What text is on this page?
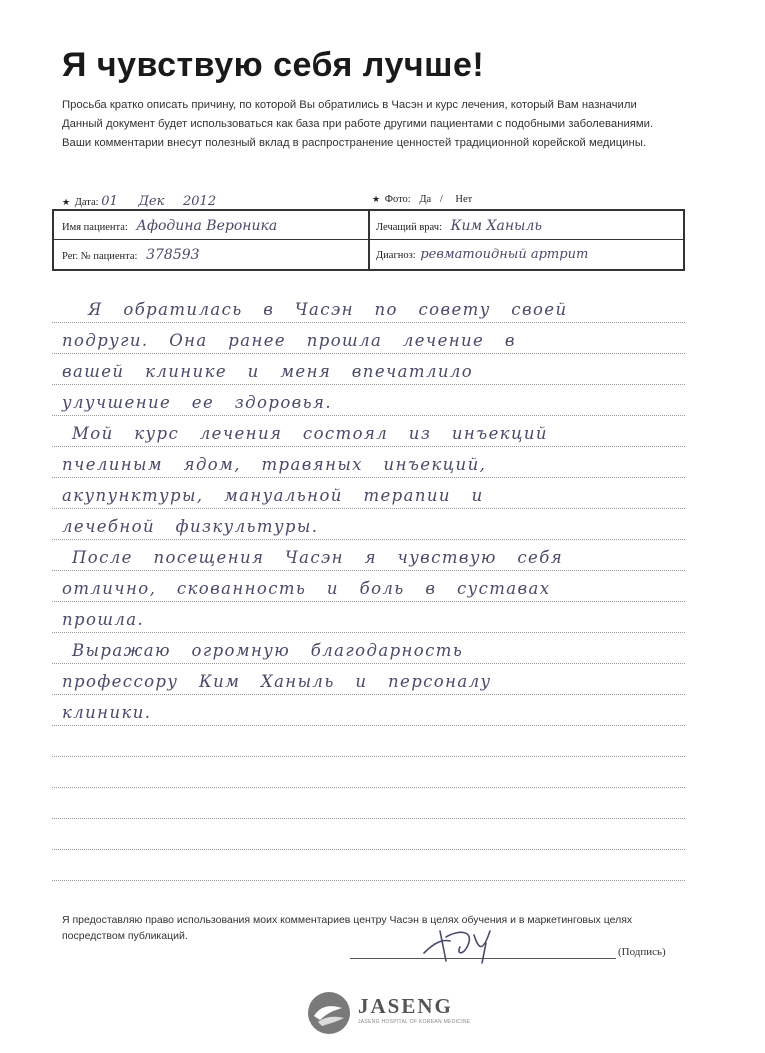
Я чувствую себя лучше!
Просьба кратко описать причину, по которой Вы обратились в Часэн и курс лечения, который Вам назначили
Данный документ будет использоваться как база при работе другими пациентами с подобными заболеваниями.
Ваши комментарии внесут полезный вклад в распространение ценностей традиционной корейской медицины.
★ Дата: 01 Дек 2012	★ Фото: Да / Нет
Имя пациента: Афодина Вероника
Рег. № пациента: 378593
Лечащий врач: Ким Ханыль
Диагноз: ревматоидный артрит
Я обратилась в Часэн по совету своей
подруги. Она ранее прошла лечение в
вашей клинике и меня впечатлило
улучшение ее здоровья.
Мой курс лечения состоял из инъекций
пчелиным ядом, травяных инъекций,
акупунктуры, мануальной терапии и
лечебной физкультуры.
После посещения Часэн я чувствую себя
отлично, скованность и боль в суставах
прошла.
Выражаю огромную благодарность
профессору Ким Ханыль и персоналу
клиники.
Я предоставляю право использования моих комментариев центру Часэн в целях обучения и в маркетинговых целях
посредством публикаций.
(Подпись)
JASENG
JASENG HOSPITAL OF KOREAN MEDICINE
